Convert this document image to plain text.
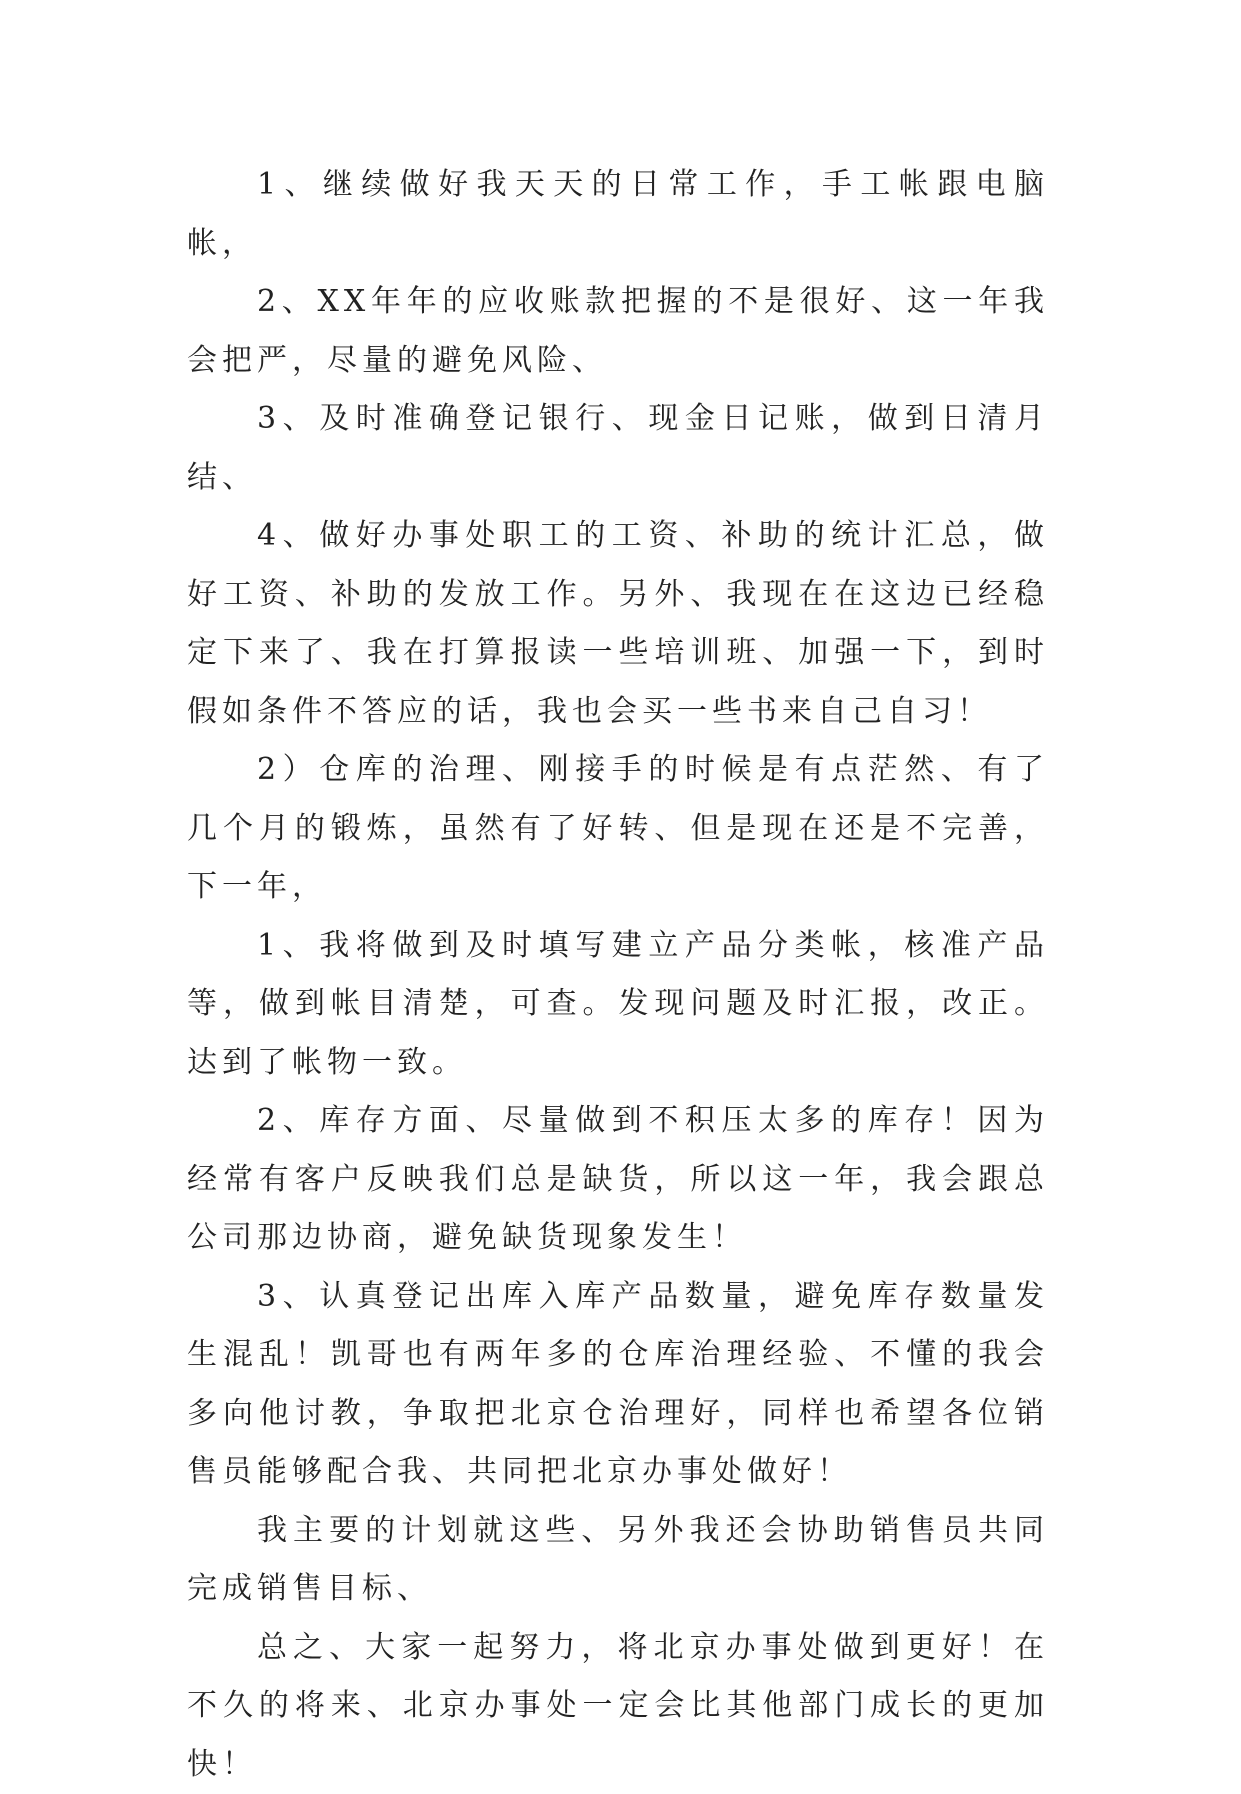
1、继续做好我天天的日常工作，手工帐跟电脑帐，

2、XX年年的应收账款把握的不是很好、这一年我会把严，尽量的避免风险、

3、及时准确登记银行、现金日记账，做到日清月结、

4、做好办事处职工的工资、补助的统计汇总，做好工资、补助的发放工作。另外、我现在在这边已经稳定下来了、我在打算报读一些培训班、加强一下，到时假如条件不答应的话，我也会买一些书来自己自习！

2）仓库的治理、刚接手的时候是有点茫然、有了几个月的锻炼，虽然有了好转、但是现在还是不完善，下一年，

1、我将做到及时填写建立产品分类帐，核准产品等，做到帐目清楚，可查。发现问题及时汇报，改正。达到了帐物一致。

2、库存方面、尽量做到不积压太多的库存！因为经常有客户反映我们总是缺货，所以这一年，我会跟总公司那边协商，避免缺货现象发生！

3、认真登记出库入库产品数量，避免库存数量发生混乱！凯哥也有两年多的仓库治理经验、不懂的我会多向他讨教，争取把北京仓治理好，同样也希望各位销售员能够配合我、共同把北京办事处做好！

我主要的计划就这些、另外我还会协助销售员共同完成销售目标、

总之、大家一起努力，将北京办事处做到更好！在不久的将来、北京办事处一定会比其他部门成长的更加快！
